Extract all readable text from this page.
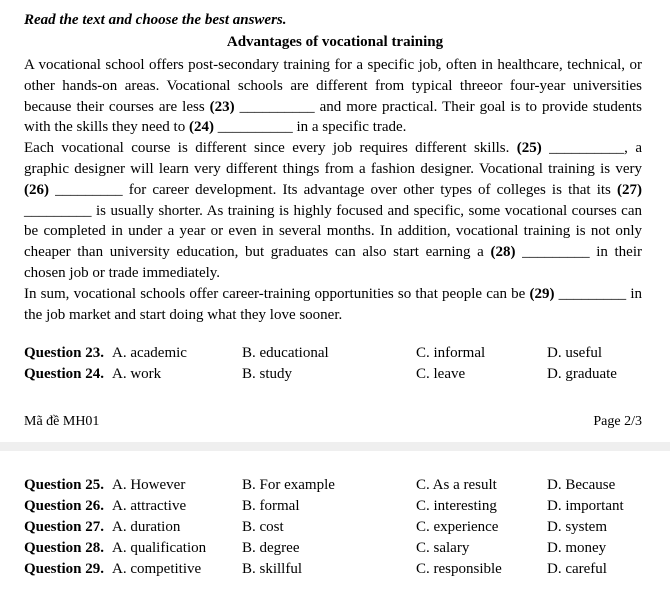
Read the text and choose the best answers.
Advantages of vocational training

A vocational school offers post-secondary training for a specific job, often in healthcare, technical, or other hands-on areas. Vocational schools are different from typical threeor four-year universities because their courses are less (23) __________ and more practical. Their goal is to provide students with the skills they need to (24) __________ in a specific trade.

Each vocational course is different since every job requires different skills. (25) __________, a graphic designer will learn very different things from a fashion designer. Vocational training is very (26) _________ for career development. Its advantage over other types of colleges is that its (27) _________ is usually shorter. As training is highly focused and specific, some vocational courses can be completed in under a year or even in several months. In addition, vocational training is not only cheaper than university education, but graduates can also start earning a (28) _________ in their chosen job or trade immediately.

In sum, vocational schools offer career-training opportunities so that people can be (29) _________ in the job market and start doing what they love sooner.

Mã đề MH01	Page 2/3
Question 23. A. academic	B. educational	C. informal	D. useful
Question 24. A. work	B. study	C. leave	D. graduate
Question 25. A. However	B. For example	C. As a result	D. Because
Question 26. A. attractive	B. formal	C. interesting	D. important
Question 27. A. duration	B. cost	C. experience	D. system
Question 28. A. qualification B. degree	C. salary	D. money
Question 29. A. competitive	B. skillful	C. responsible	D. careful
